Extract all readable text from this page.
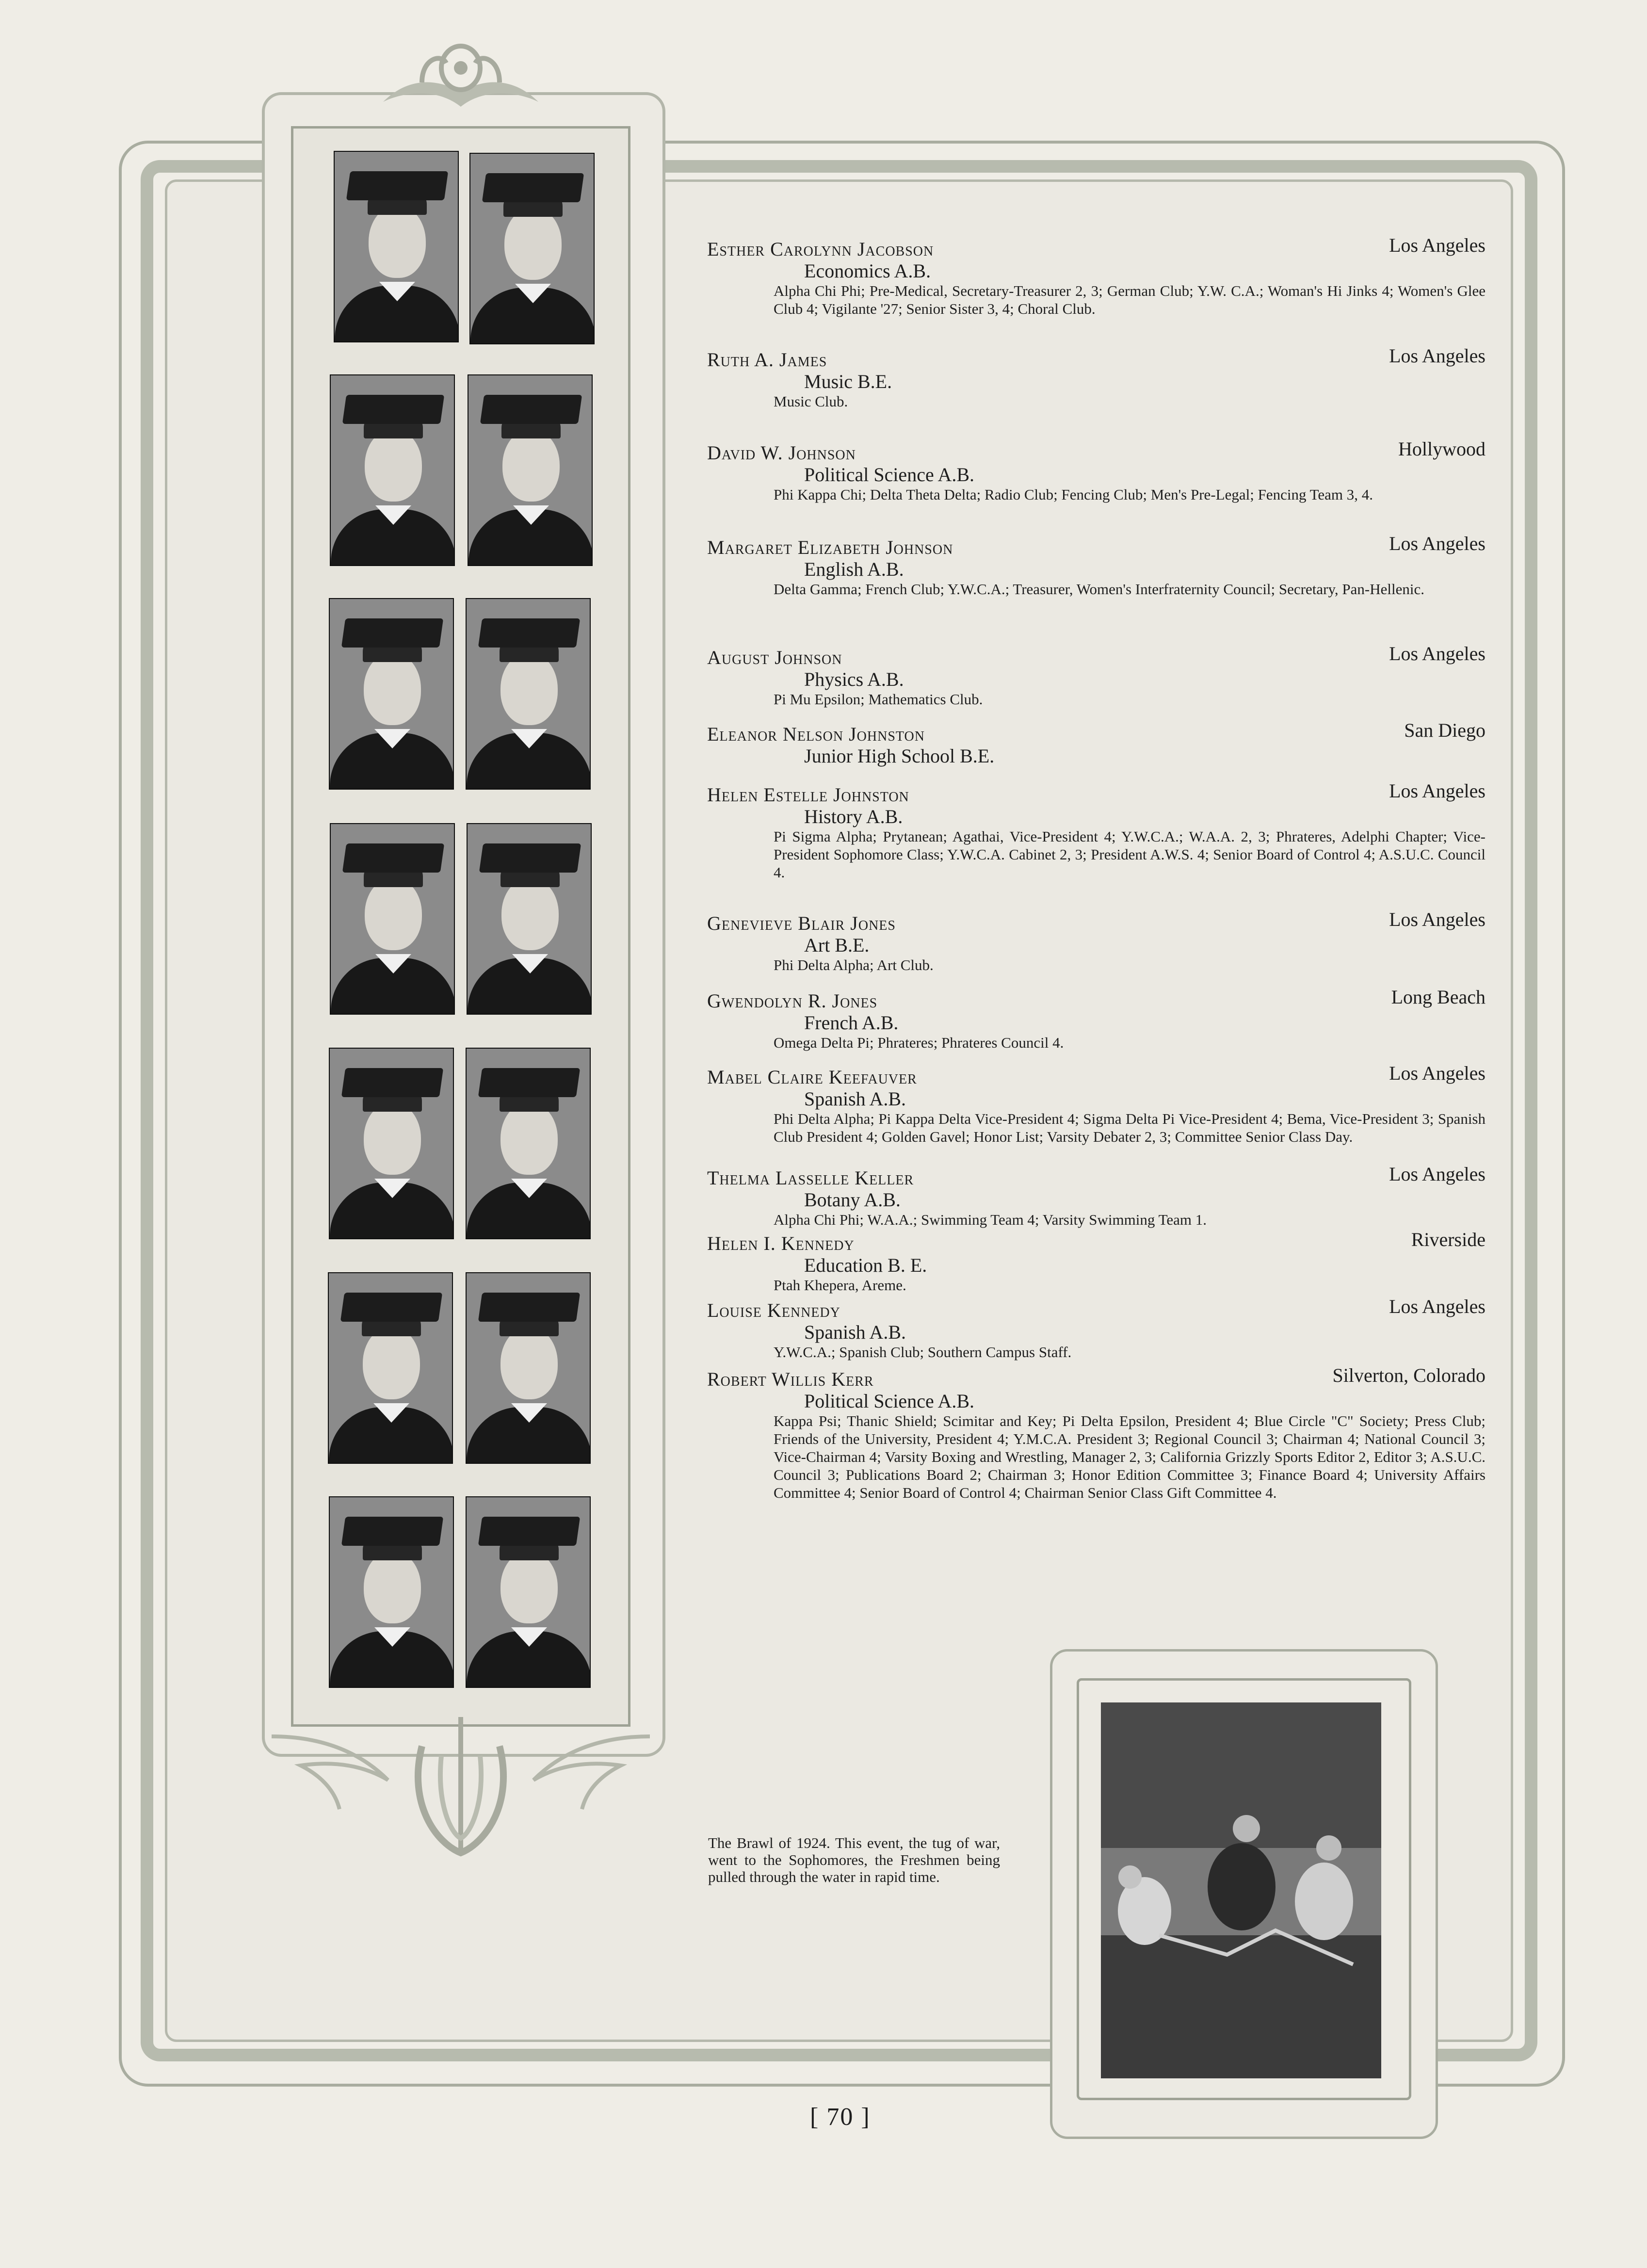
Esther Carolynn Jacobson	Los Angeles
Economics A.B.
Alpha Chi Phi; Pre-Medical, Secretary-Treasurer 2, 3; German Club; Y.W. C.A.; Woman's Hi Jinks 4; Women's Glee Club 4; Vigilante '27; Senior Sister 3, 4; Choral Club.
Ruth A. James	Los Angeles
Music B.E.
Music Club.
David W. Johnson	Hollywood
Political Science A.B.
Phi Kappa Chi; Delta Theta Delta; Radio Club; Fencing Club; Men's Pre-Legal; Fencing Team 3, 4.
Margaret Elizabeth Johnson	Los Angeles
English A.B.
Delta Gamma; French Club; Y.W.C.A.; Treasurer, Women's Interfraternity Council; Secretary, Pan-Hellenic.
August Johnson	Los Angeles
Physics A.B.
Pi Mu Epsilon; Mathematics Club.
Eleanor Nelson Johnston	San Diego
Junior High School B.E.
Helen Estelle Johnston	Los Angeles
History A.B.
Pi Sigma Alpha; Prytanean; Agathai, Vice-President 4; Y.W.C.A.; W.A.A. 2, 3; Phrateres, Adelphi Chapter; Vice-President Sophomore Class; Y.W.C.A. Cabinet 2, 3; President A.W.S. 4; Senior Board of Control 4; A.S.U.C. Council 4.
Genevieve Blair Jones	Los Angeles
Art B.E.
Phi Delta Alpha; Art Club.
Gwendolyn R. Jones	Long Beach
French A.B.
Omega Delta Pi; Phrateres; Phrateres Council 4.
Mabel Claire Keefauver	Los Angeles
Spanish A.B.
Phi Delta Alpha; Pi Kappa Delta Vice-President 4; Sigma Delta Pi Vice-President 4; Bema, Vice-President 3; Spanish Club President 4; Golden Gavel; Honor List; Varsity Debater 2, 3; Committee Senior Class Day.
Thelma Lasselle Keller	Los Angeles
Botany A.B.
Alpha Chi Phi; W.A.A.; Swimming Team 4; Varsity Swimming Team 1.
Helen I. Kennedy	Riverside
Education B. E.
Ptah Khepera, Areme.
Louise Kennedy	Los Angeles
Spanish A.B.
Y.W.C.A.; Spanish Club; Southern Campus Staff.
Robert Willis Kerr	Silverton, Colorado
Political Science A.B.
Kappa Psi; Thanic Shield; Scimitar and Key; Pi Delta Epsilon, President 4; Blue Circle "C" Society; Press Club; Friends of the University, President 4; Y.M.C.A. President 3; Regional Council 3; Chairman 4; National Council 3; Vice-Chairman 4; Varsity Boxing and Wrestling, Manager 2, 3; California Grizzly Sports Editor 2, Editor 3; A.S.U.C. Council 3; Publications Board 2; Chairman 3; Honor Edition Committee 3; Finance Board 4; University Affairs Committee 4; Senior Board of Control 4; Chairman Senior Class Gift Committee 4.
The Brawl of 1924. This event, the tug of war, went to the Sophomores, the Freshmen being pulled through the water in rapid time.
[ 70 ]
